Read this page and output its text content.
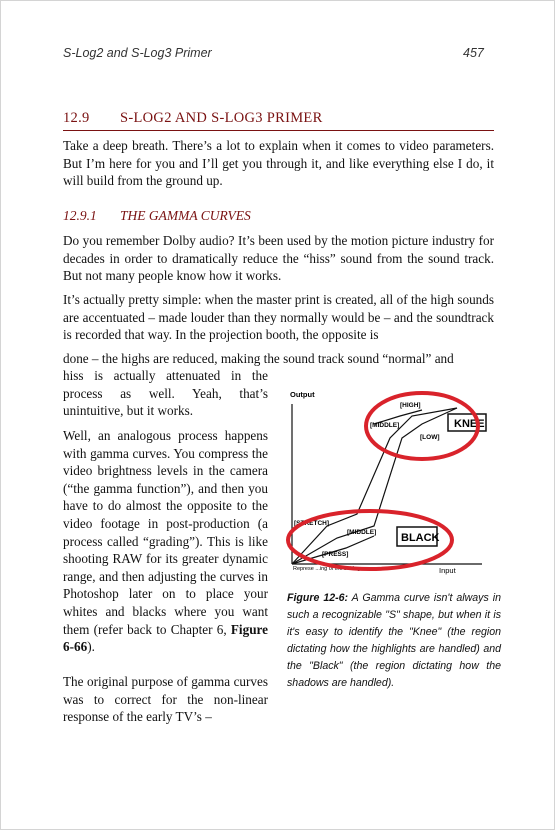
S-Log2 and S-Log3 Primer	457
12.9 S-LOG2 AND S-LOG3 PRIMER

Take a deep breath. There’s a lot to explain when it comes to video parameters. But I’m here for you and I’ll get you through it, and like everything else I do, it will build from the ground up.

12.9.1 THE GAMMA CURVES

Do you remember Dolby audio? It’s been used by the motion picture industry for decades in order to dramatically reduce the “hiss” sound from the sound track. But not many people know how it works.

It’s actually pretty simple: when the master print is created, all of the high sounds are accentuated – made louder than they normally would be – and the soundtrack is recorded that way. In the projection booth, the opposite is

done – the highs are reduced, making the sound track sound “normal” and

hiss is actually attenuated in the process as well. Yeah, that’s unintuitive, but it works.

Well, an analogous process happens with gamma curves. You compress the video brightness levels in the camera (“the gamma function”), and then you have to do almost the opposite to the video footage in post-production (a process called “grading”). This is like shooting RAW for its greater dynamic range, and then adjusting the curves in Photoshop later on to place your whites and blacks where you want them (refer back to Chapter 6, Figure 6-66).

The original purpose of gamma curves was to correct for the non-linear response of the early TV’s –

Output
Input
[HIGH]
[MIDDLE]
[LOW]
KNEE
[STRETCH]
[MIDDLE]
[PRESS]
BLACK
Represe ...ing of the setting

Figure 12-6: A Gamma curve isn't always in such a recognizable "S" shape, but when it is it's easy to identify the "Knee" (the region dictating how the highlights are handled) and the "Black" (the region dictating how the shadows are handled).
